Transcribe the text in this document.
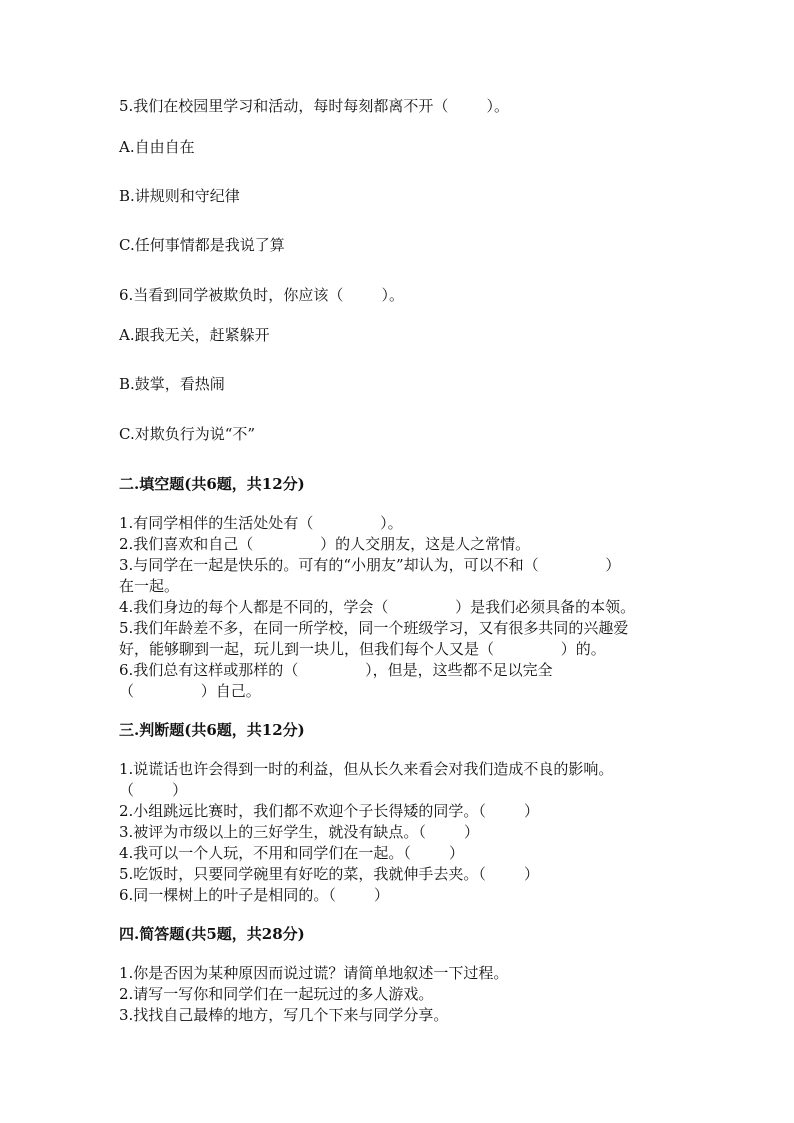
5.我们在校园里学习和活动，每时每刻都离不开（        ）。
A.自由自在
B.讲规则和守纪律
C.任何事情都是我说了算
6.当看到同学被欺负时，你应该（        ）。
A.跟我无关，赶紧躲开
B.鼓掌，看热闹
C.对欺负行为说“不”
二.填空题(共6题，共12分)
1.有同学相伴的生活处处有（              ）。
2.我们喜欢和自己（              ）的人交朋友，这是人之常情。
3.与同学在一起是快乐的。可有的“小朋友”却认为，可以不和（              ）
在一起。
4.我们身边的每个人都是不同的，学会（              ）是我们必须具备的本领。
5.我们年龄差不多，在同一所学校，同一个班级学习，又有很多共同的兴趣爱
好，能够聊到一起，玩儿到一块儿，但我们每个人又是（              ）的。
6.我们总有这样或那样的（              ），但是，这些都不足以完全
（              ）自己。
三.判断题(共6题，共12分)
1.说谎话也许会得到一时的利益，但从长久来看会对我们造成不良的影响。
（        ）
2.小组跳远比赛时，我们都不欢迎个子长得矮的同学。（        ）
3.被评为市级以上的三好学生，就没有缺点。（        ）
4.我可以一个人玩，不用和同学们在一起。（        ）
5.吃饭时，只要同学碗里有好吃的菜，我就伸手去夹。（        ）
6.同一棵树上的叶子是相同的。（        ）
四.简答题(共5题，共28分)
1.你是否因为某种原因而说过谎？请简单地叙述一下过程。
2.请写一写你和同学们在一起玩过的多人游戏。
3.找找自己最棒的地方，写几个下来与同学分享。
